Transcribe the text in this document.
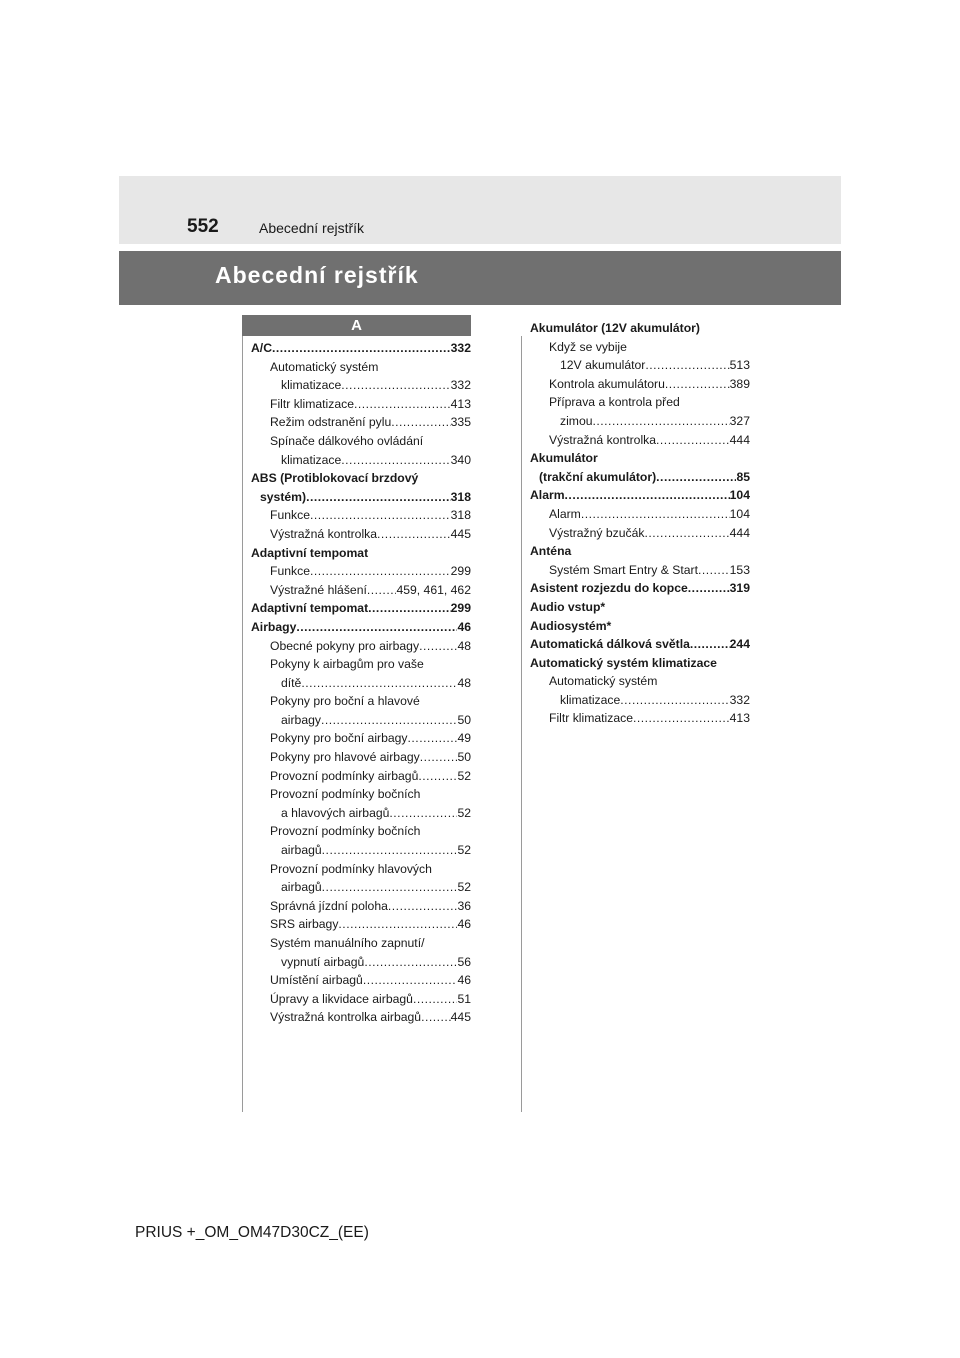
552	Abecední rejstřík
Abecední rejstřík
A
A/C .....	332
Automatický systém
klimatizace .....	332
Filtr klimatizace .....	413
Režim odstranění pylu .....	335
Spínače dálkového ovládání
klimatizace .....	340
ABS (Protiblokovací brzdový
systém) .....	318
Funkce .....	318
Výstražná kontrolka .....	445
Adaptivní tempomat
Funkce .....	299
Výstražné hlášení ..... 459, 461, 462
Adaptivní tempomat .....	299
Airbagy .....	46
Obecné pokyny pro airbagy .....	48
Pokyny k airbagům pro vaše
dítě .....	48
Pokyny pro boční a hlavové
airbagy .....	50
Pokyny pro boční airbagy .....	49
Pokyny pro hlavové airbagy .....	50
Provozní podmínky airbagů .....	52
Provozní podmínky bočních
a hlavových airbagů .....	52
Provozní podmínky bočních
airbagů .....	52
Provozní podmínky hlavových
airbagů .....	52
Správná jízdní poloha .....	36
SRS airbagy .....	46
Systém manuálního zapnutí/
vypnutí airbagů .....	56
Umístění airbagů .....	46
Úpravy a likvidace airbagů .....	51
Výstražná kontrolka airbagů ..... 445
Akumulátor (12V akumulátor)
Když se vybije
12V akumulátor .....	513
Kontrola akumulátoru .....	389
Příprava a kontrola před
zimou .....	327
Výstražná kontrolka .....	444
Akumulátor
(trakční akumulátor) .....	85
Alarm .....	104
Alarm .....	104
Výstražný bzučák .....	444
Anténa
Systém Smart Entry & Start .....	153
Asistent rozjezdu do kopce .....	319
Audio vstup*
Audiosystém*
Automatická dálková světla .....	244
Automatický systém klimatizace
Automatický systém
klimatizace .....	332
Filtr klimatizace .....	413
PRIUS +_OM_OM47D30CZ_(EE)
